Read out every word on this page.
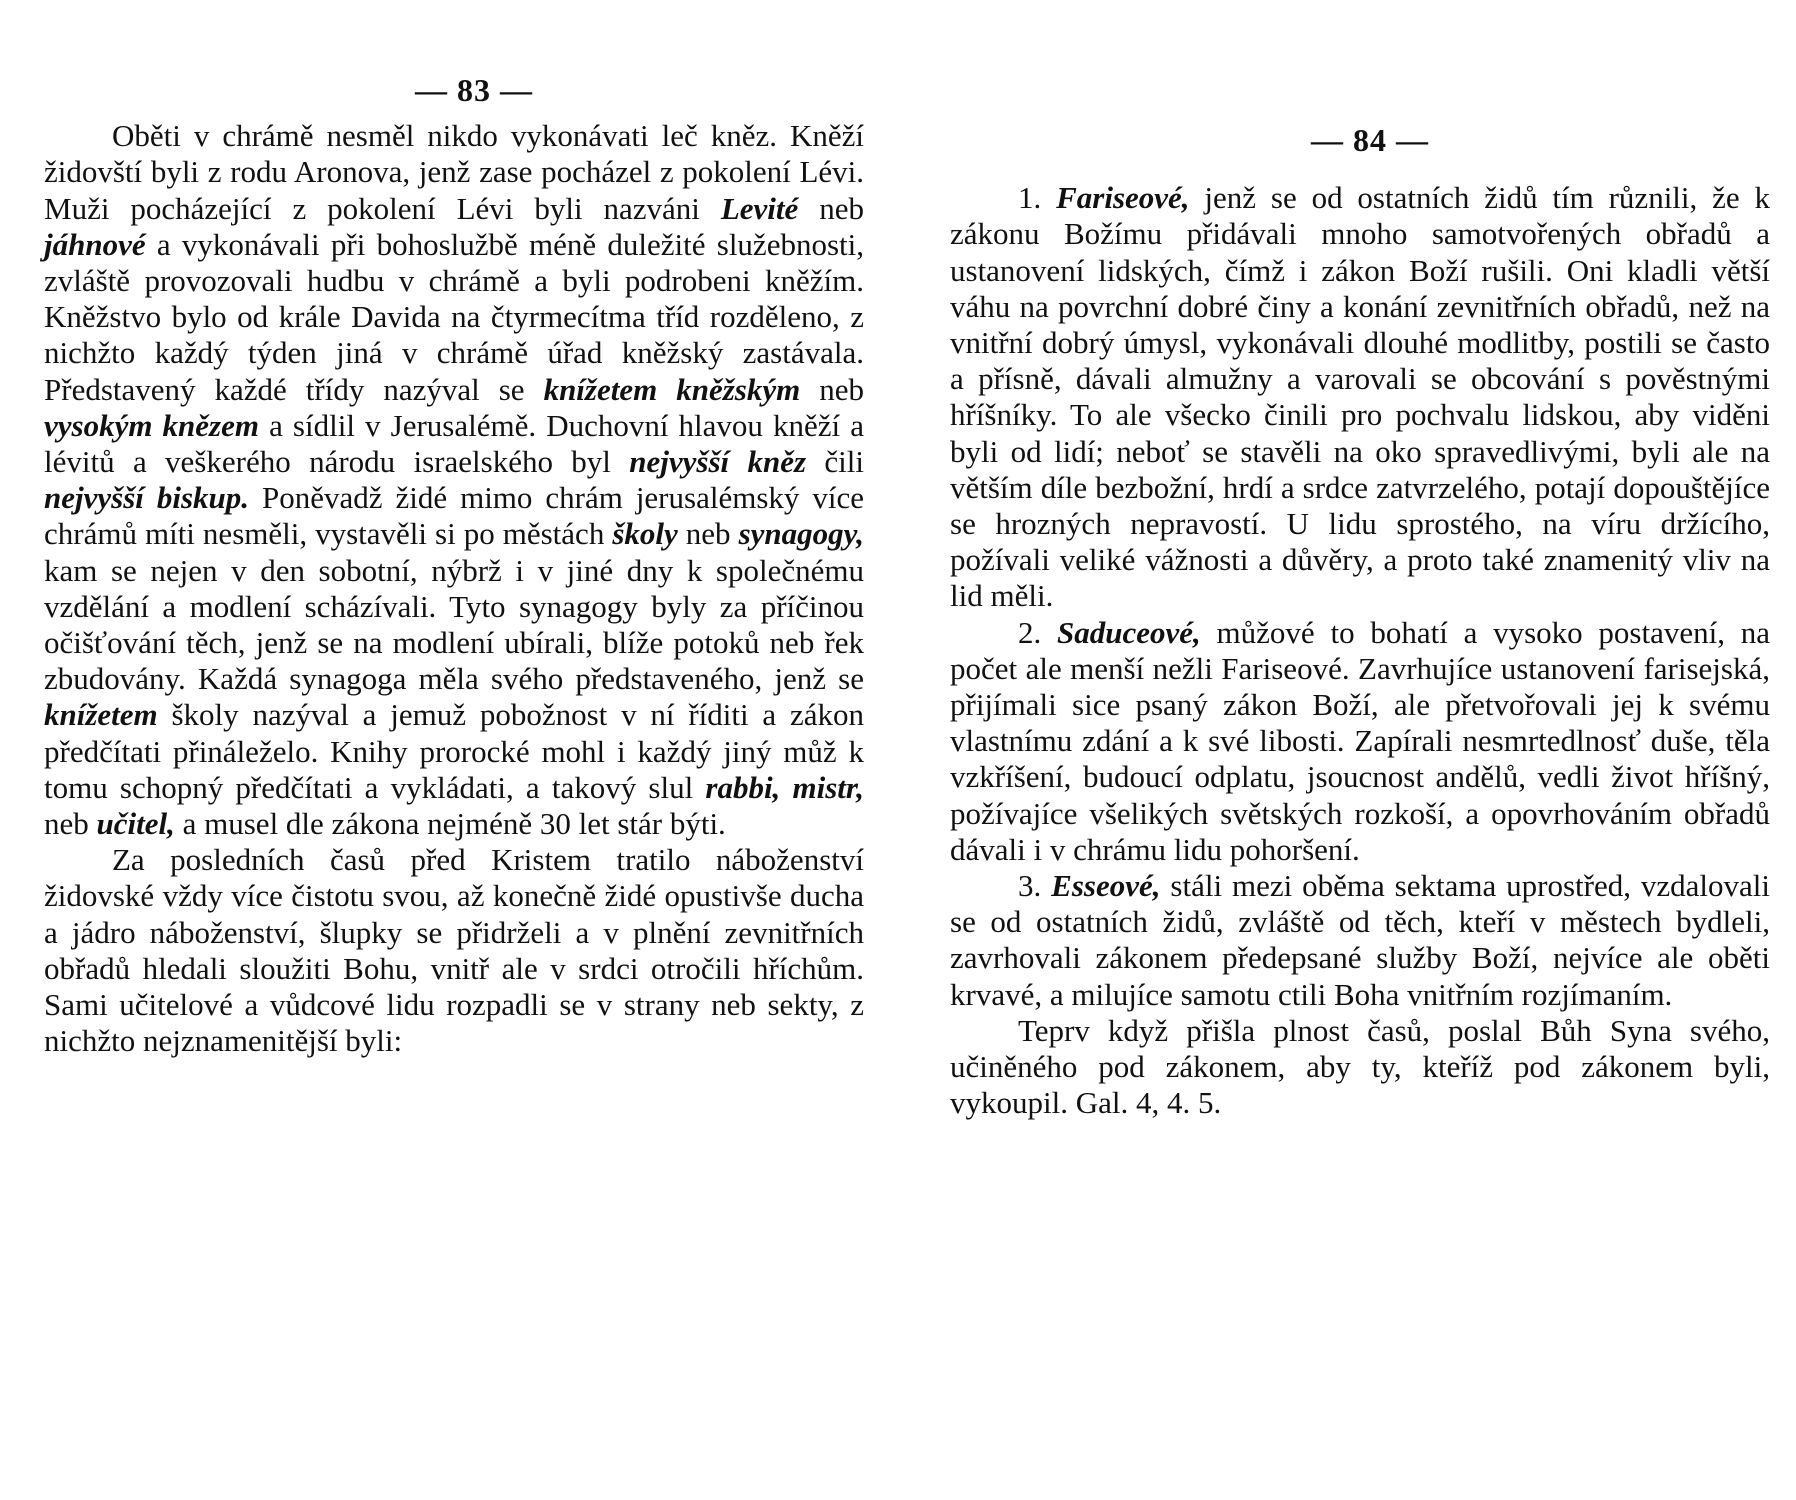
— 83 —

Oběti v chrámě nesměl nikdo vykonávati leč kněz. Kněží židovští byli z rodu Aronova, jenž zase pocházel z pokolení Lévi. Muži pocházející z pokolení Lévi byli nazváni Levité neb jáhnové a vykonávali při bohoslužbě méně duležité služebnosti, zvláště provozovali hudbu v chrámě a byli podrobeni kněžím. Kněžstvo bylo od krále Davida na čtyrmecítma tříd rozděleno, z nichžto každý týden jiná v chrámě úřad kněžský zastávala. Představený každé třídy nazýval se knížetem kněžským neb vysokým knězem a sídlil v Jerusalémě. Duchovní hlavou kněží a lévitů a veškerého národu israelského byl nejvyšší kněz čili nejvyšší biskup. Poněvadž židé mimo chrám jerusalémský více chrámů míti nesměli, vystavěli si po městách školy neb synagogy, kam se nejen v den sobotní, nýbrž i v jiné dny k společnému vzdělání a modlení scházívali. Tyto synagogy byly za příčinou očišťování těch, jenž se na modlení ubírali, blíže potoků neb řek zbudovány. Každá synagoga měla svého představeného, jenž se knížetem školy nazýval a jemuž pobožnost v ní říditi a zákon předčítati přináleželo. Knihy prorocké mohl i každý jiný můž k tomu schopný předčítati a vykládati, a takový slul rabbi, mistr, neb učitel, a musel dle zákona nejméně 30 let stár býti.

Za posledních časů před Kristem tratilo náboženství židovské vždy více čistotu svou, až konečně židé opustivše ducha a jádro náboženství, šlupky se přidrželi a v plnění zevnitřních obřadů hledali sloužiti Bohu, vnitř ale v srdci otročili hříchům. Sami učitelové a vůdcové lidu rozpadli se v strany neb sekty, z nichžto nejznamenitější byli:

— 84 —

1. Fariseové, jenž se od ostatních židů tím různili, že k zákonu Božímu přidávali mnoho samotvořených obřadů a ustanovení lidských, čímž i zákon Boží rušili. Oni kladli větší váhu na povrchní dobré činy a konání zevnitřních obřadů, než na vnitřní dobrý úmysl, vykonávali dlouhé modlitby, postili se často a přísně, dávali almužny a varovali se obcování s pověstnými hříšníky. To ale všecko činili pro pochvalu lidskou, aby viděni byli od lidí; neboť se stavěli na oko spravedlivými, byli ale na větším díle bezbožní, hrdí a srdce zatvrzelého, potají dopouštějíce se hrozných nepravostí. U lidu sprostého, na víru držícího, požívali veliké vážnosti a důvěry, a proto také znamenitý vliv na lid měli.

2. Saduceové, můžové to bohatí a vysoko postavení, na počet ale menší nežli Fariseové. Zavrhujíce ustanovení farisejská, přijímali sice psaný zákon Boží, ale přetvořovali jej k svému vlastnímu zdání a k své libosti. Zapírali nesmrtedlnosť duše, těla vzkříšení, budoucí odplatu, jsoucnost andělů, vedli život hříšný, požívajíce všelikých světských rozkoší, a opovrhováním obřadů dávali i v chrámu lidu pohoršení.

3. Esseové, stáli mezi oběma sektama uprostřed, vzdalovali se od ostatních židů, zvláště od těch, kteří v městech bydleli, zavrhovali zákonem předepsané služby Boží, nejvíce ale oběti krvavé, a milujíce samotu ctili Boha vnitřním rozjímaním.

Teprv když přišla plnost časů, poslal Bůh Syna svého, učiněného pod zákonem, aby ty, kteříž pod zákonem byli, vykoupil. Gal. 4, 4. 5.
